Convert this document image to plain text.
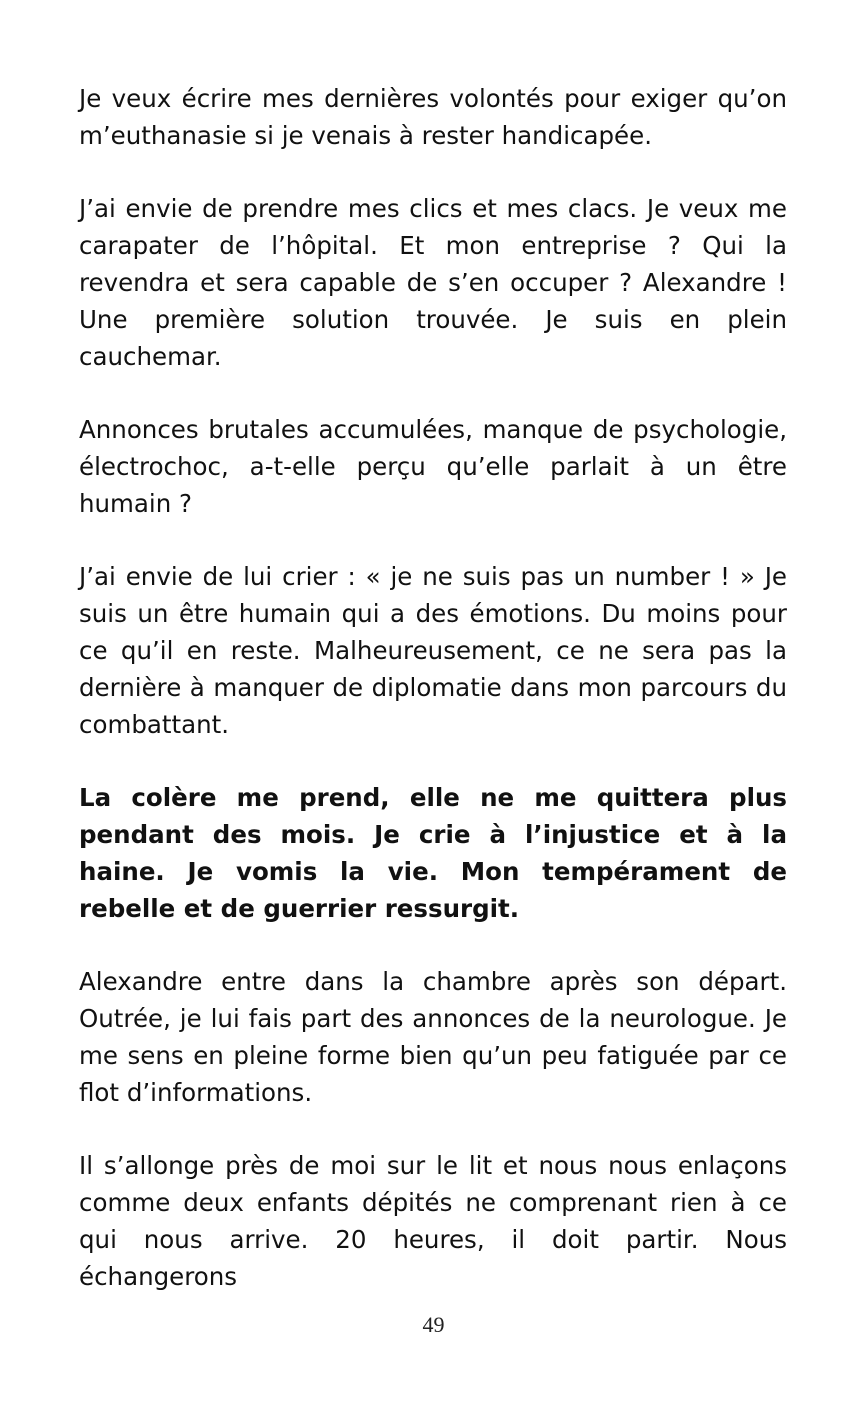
Je veux écrire mes dernières volontés pour exiger qu’on m’euthanasie si je venais à rester handicapée.

J’ai envie de prendre mes clics et mes clacs. Je veux me carapater de l’hôpital. Et mon entreprise ? Qui la revendra et sera capable de s’en occuper ? Alexandre ! Une première solution trouvée. Je suis en plein cauchemar.

Annonces brutales accumulées, manque de psychologie, électrochoc, a-t-elle perçu qu’elle parlait à un être humain ?

J’ai envie de lui crier : « je ne suis pas un number ! » Je suis un être humain qui a des émotions. Du moins pour ce qu’il en reste. Malheureusement, ce ne sera pas la dernière à manquer de diplomatie dans mon parcours du combattant.

La colère me prend, elle ne me quittera plus pendant des mois. Je crie à l’injustice et à la haine. Je vomis la vie. Mon tempérament de rebelle et de guerrier ressurgit.

Alexandre entre dans la chambre après son départ. Outrée, je lui fais part des annonces de la neurologue. Je me sens en pleine forme bien qu’un peu fatiguée par ce flot d’informations.

Il s’allonge près de moi sur le lit et nous nous enlaçons comme deux enfants dépités ne comprenant rien à ce qui nous arrive. 20 heures, il doit partir. Nous échangerons

49
